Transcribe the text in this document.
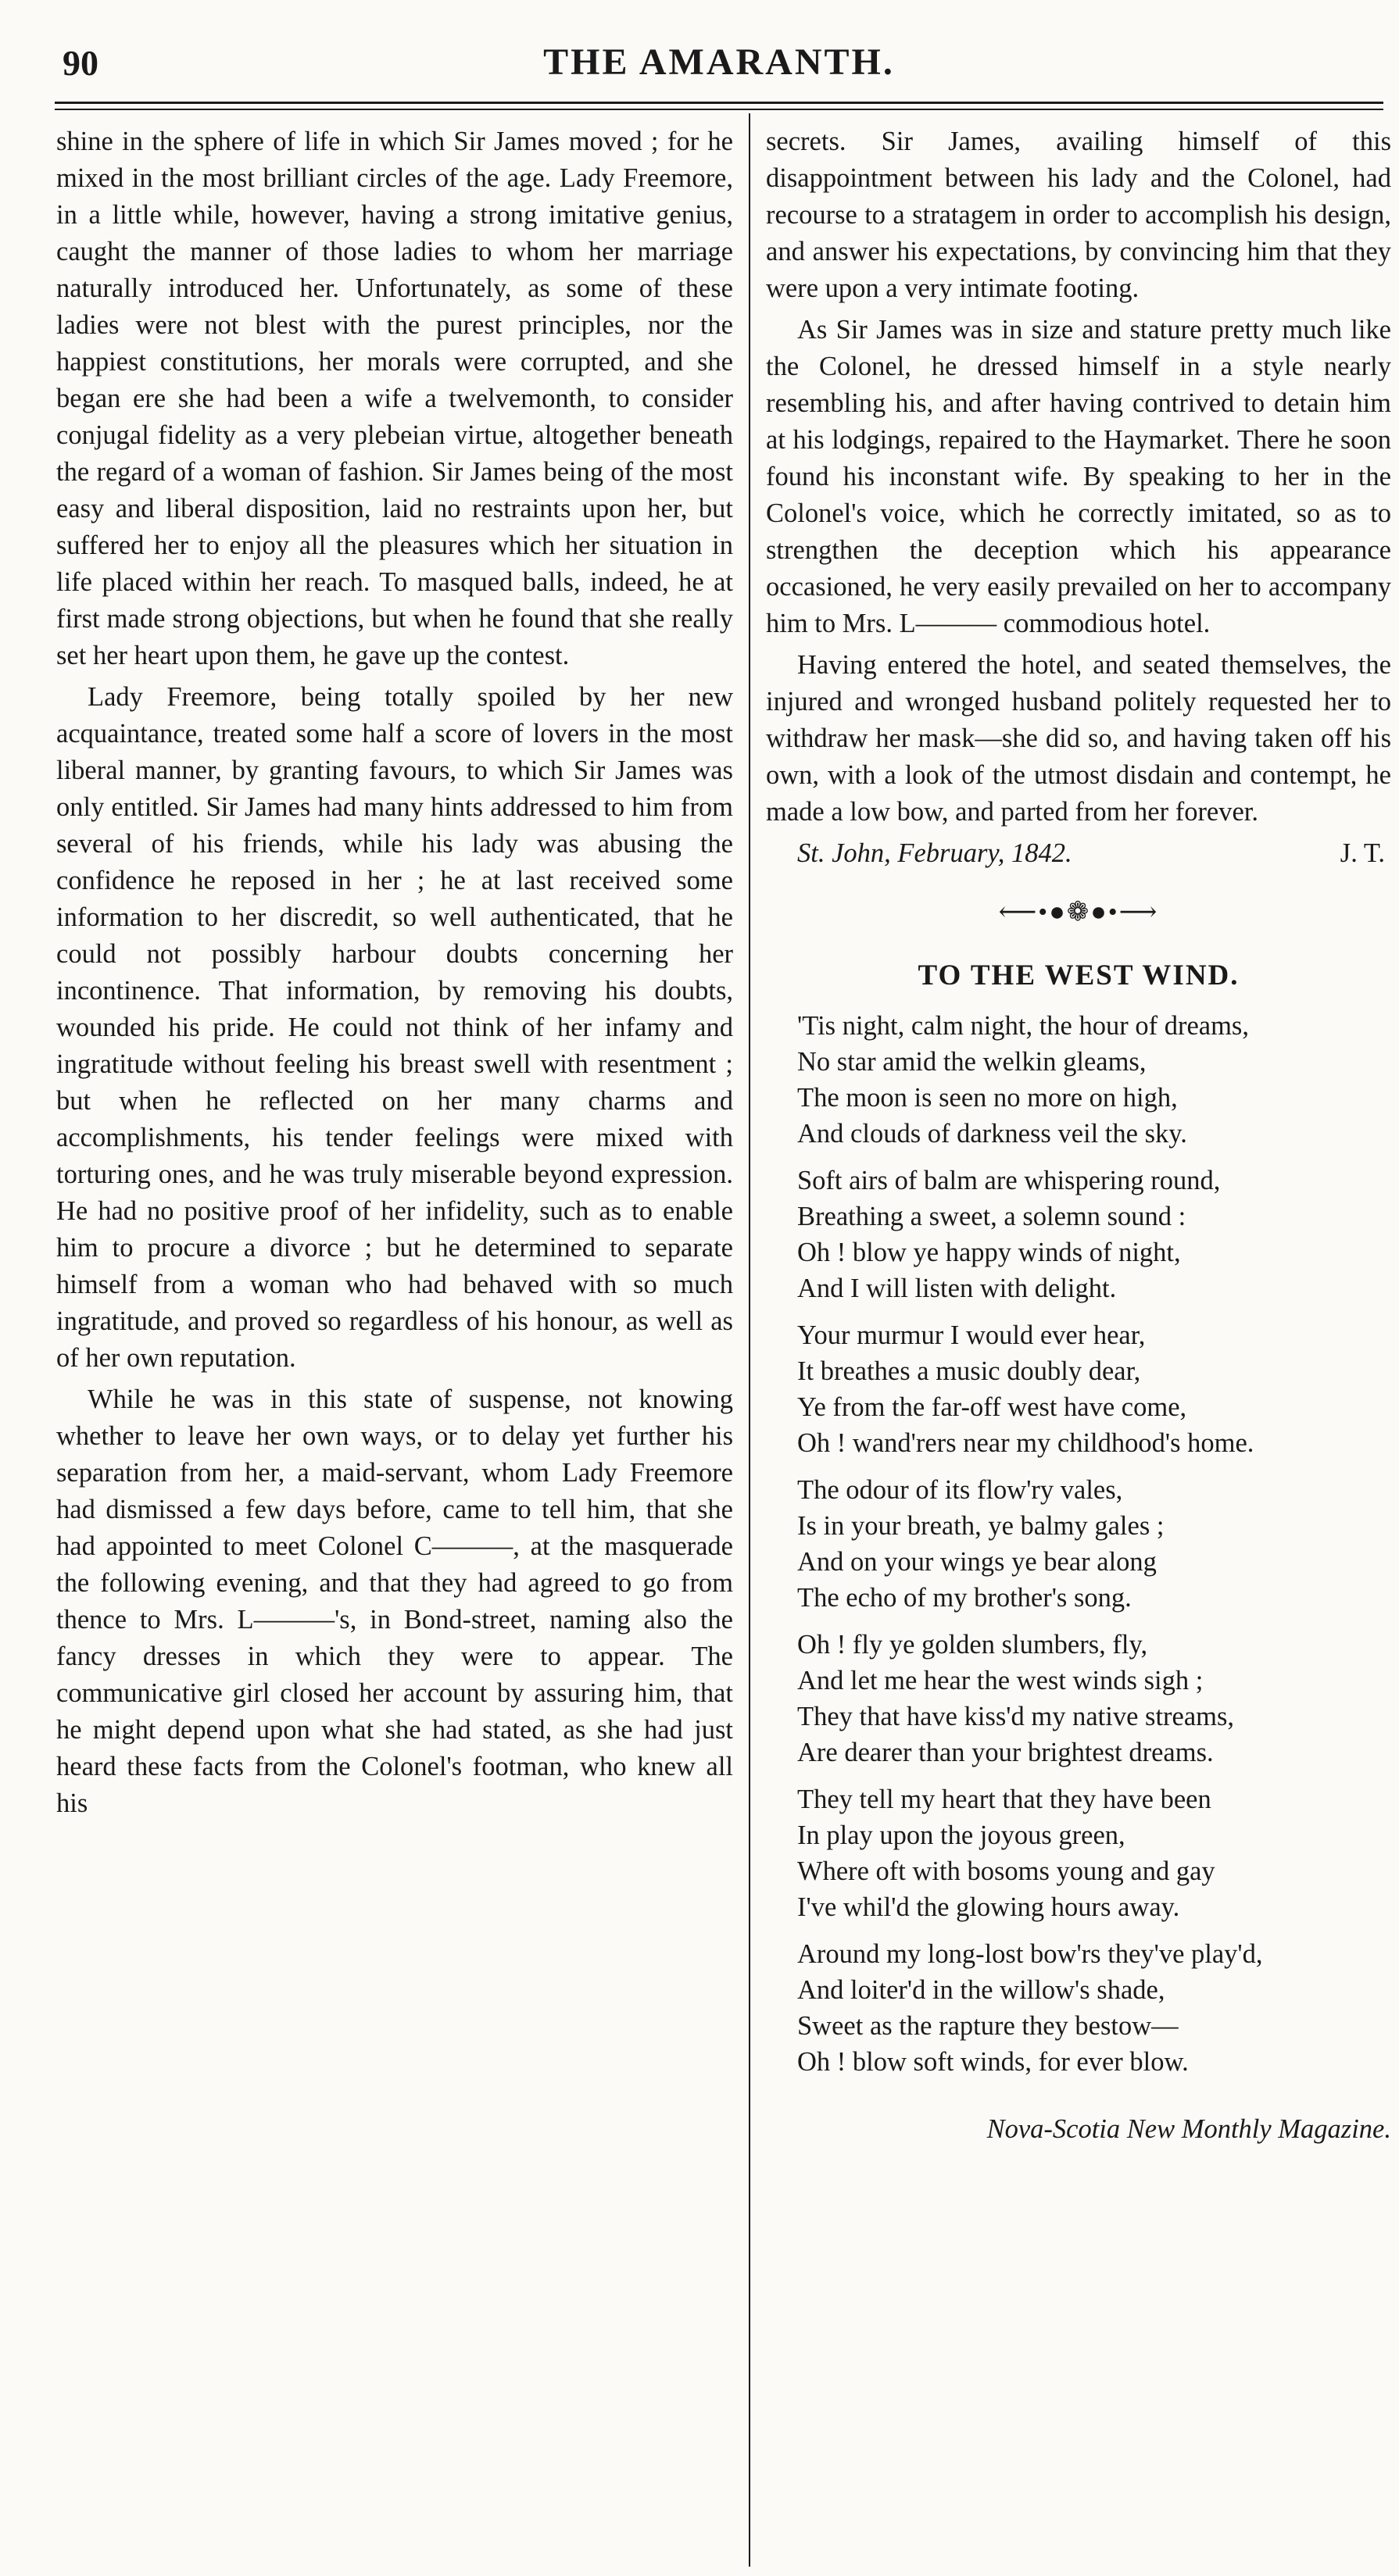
90	THE AMARANTH.

shine in the sphere of life in which Sir James moved ; for he mixed in the most brilliant circles of the age. Lady Freemore, in a little while, however, having a strong imitative genius, caught the manner of those ladies to whom her marriage naturally introduced her. Unfortunately, as some of these ladies were not blest with the purest principles, nor the happiest constitutions, her morals were corrupted, and she began ere she had been a wife a twelvemonth, to consider conjugal fidelity as a very plebeian virtue, altogether beneath the regard of a woman of fashion. Sir James being of the most easy and liberal disposition, laid no restraints upon her, but suffered her to enjoy all the pleasures which her situation in life placed within her reach. To masqued balls, indeed, he at first made strong objections, but when he found that she really set her heart upon them, he gave up the contest.

Lady Freemore, being totally spoiled by her new acquaintance, treated some half a score of lovers in the most liberal manner, by granting favours, to which Sir James was only entitled. Sir James had many hints addressed to him from several of his friends, while his lady was abusing the confidence he reposed in her ; he at last received some information to her discredit, so well authenticated, that he could not possibly harbour doubts concerning her incontinence. That information, by removing his doubts, wounded his pride. He could not think of her infamy and ingratitude without feeling his breast swell with resentment ; but when he reflected on her many charms and accomplishments, his tender feelings were mixed with torturing ones, and he was truly miserable beyond expression. He had no positive proof of her infidelity, such as to enable him to procure a divorce ; but he determined to separate himself from a woman who had behaved with so much ingratitude, and proved so regardless of his honour, as well as of her own reputation.

While he was in this state of suspense, not knowing whether to leave her own ways, or to delay yet further his separation from her, a maid-servant, whom Lady Freemore had dismissed a few days before, came to tell him, that she had appointed to meet Colonel C———, at the masquerade the following evening, and that they had agreed to go from thence to Mrs. L———'s, in Bond-street, naming also the fancy dresses in which they were to appear. The communicative girl closed her account by assuring him, that he might depend upon what she had stated, as she had just heard these facts from the Colonel's footman, who knew all his

secrets. Sir James, availing himself of this disappointment between his lady and the Colonel, had recourse to a stratagem in order to accomplish his design, and answer his expectations, by convincing him that they were upon a very intimate footing.

As Sir James was in size and stature pretty much like the Colonel, he dressed himself in a style nearly resembling his, and after having contrived to detain him at his lodgings, repaired to the Haymarket. There he soon found his inconstant wife. By speaking to her in the Colonel's voice, which he correctly imitated, so as to strengthen the deception which his appearance occasioned, he very easily prevailed on her to accompany him to Mrs. L——— commodious hotel.

Having entered the hotel, and seated themselves, the injured and wronged husband politely requested her to withdraw her mask—she did so, and having taken off his own, with a look of the utmost disdain and contempt, he made a low bow, and parted from her forever.

St. John, February, 1842.	J. T.
⟵•●❁●•⟶
TO THE WEST WIND.
'Tis night, calm night, the hour of dreams,
No star amid the welkin gleams,
The moon is seen no more on high,
And clouds of darkness veil the sky.
Soft airs of balm are whispering round,
Breathing a sweet, a solemn sound :
Oh ! blow ye happy winds of night,
And I will listen with delight.
Your murmur I would ever hear,
It breathes a music doubly dear,
Ye from the far-off west have come,
Oh ! wand'rers near my childhood's home.
The odour of its flow'ry vales,
Is in your breath, ye balmy gales ;
And on your wings ye bear along
The echo of my brother's song.
Oh ! fly ye golden slumbers, fly,
And let me hear the west winds sigh ;
They that have kiss'd my native streams,
Are dearer than your brightest dreams.
They tell my heart that they have been
In play upon the joyous green,
Where oft with bosoms young and gay
I've whil'd the glowing hours away.
Around my long-lost bow'rs they've play'd,
And loiter'd in the willow's shade,
Sweet as the rapture they bestow—
Oh ! blow soft winds, for ever blow.
Nova-Scotia New Monthly Magazine.
